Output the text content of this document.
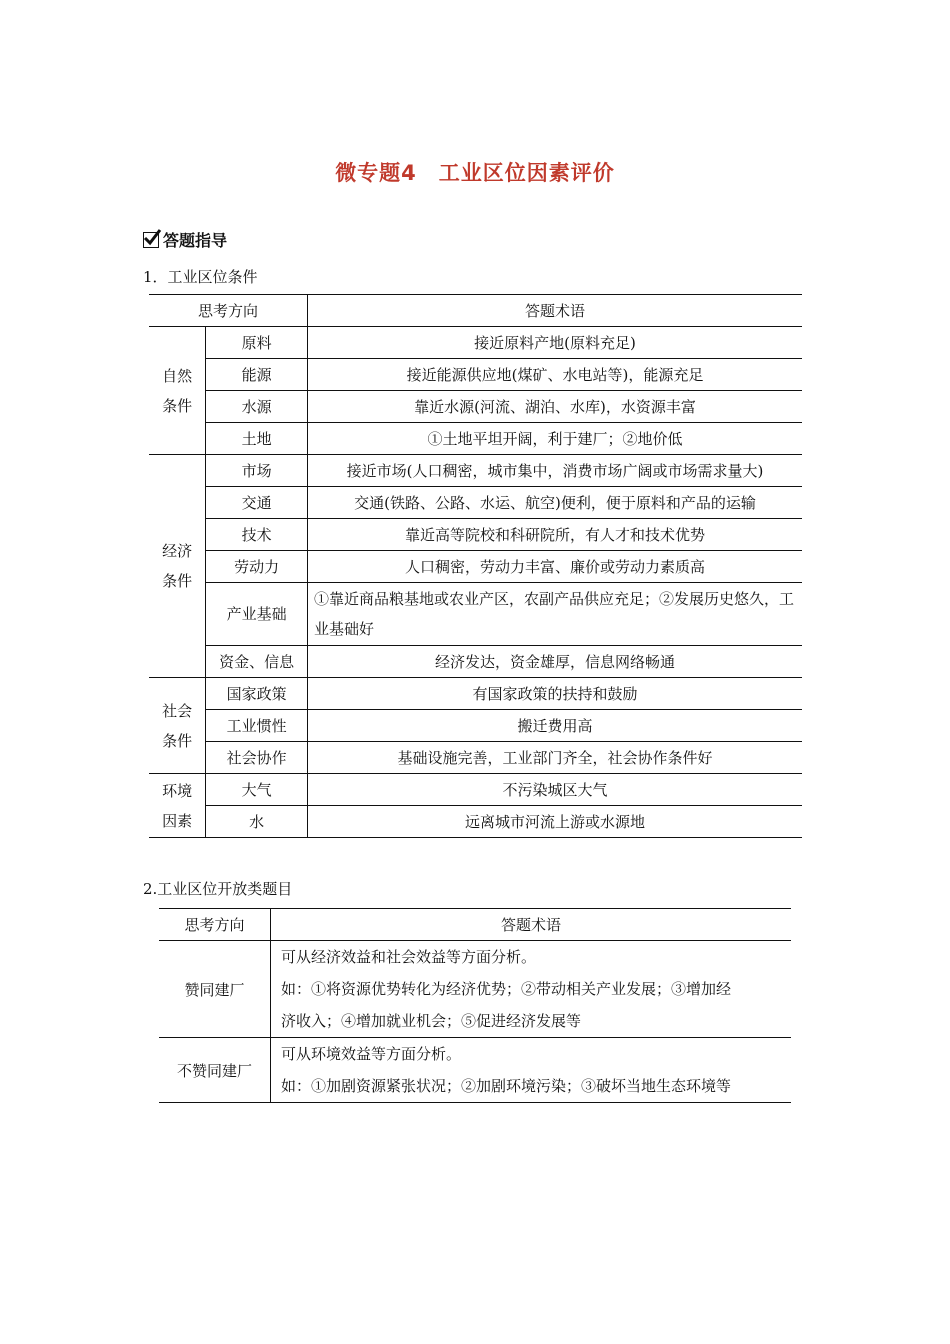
微专题4　工业区位因素评价
答题指导
1．工业区位条件
思考方向		答题术语
自然条件	原料	接近原料产地(原料充足)
	能源	接近能源供应地(煤矿、水电站等)，能源充足
	水源	靠近水源(河流、湖泊、水库)，水资源丰富
	土地	①土地平坦开阔，利于建厂；②地价低
经济条件	市场	接近市场(人口稠密，城市集中，消费市场广阔或市场需求量大)
	交通	交通(铁路、公路、水运、航空)便利，便于原料和产品的运输
	技术	靠近高等院校和科研院所，有人才和技术优势
	劳动力	人口稠密，劳动力丰富、廉价或劳动力素质高
	产业基础	①靠近商品粮基地或农业产区，农副产品供应充足；②发展历史悠久，工业基础好
	资金、信息	经济发达，资金雄厚，信息网络畅通
社会条件	国家政策	有国家政策的扶持和鼓励
	工业惯性	搬迁费用高
	社会协作	基础设施完善，工业部门齐全，社会协作条件好
环境因素	大气	不污染城区大气
	水	远离城市河流上游或水源地
2.工业区位开放类题目
思考方向	答题术语
赞同建厂	可从经济效益和社会效益等方面分析。
如：①将资源优势转化为经济优势；②带动相关产业发展；③增加经
济收入；④增加就业机会；⑤促进经济发展等

不赞同建厂	可从环境效益等方面分析。
如：①加剧资源紧张状况；②加剧环境污染；③破坏当地生态环境等
